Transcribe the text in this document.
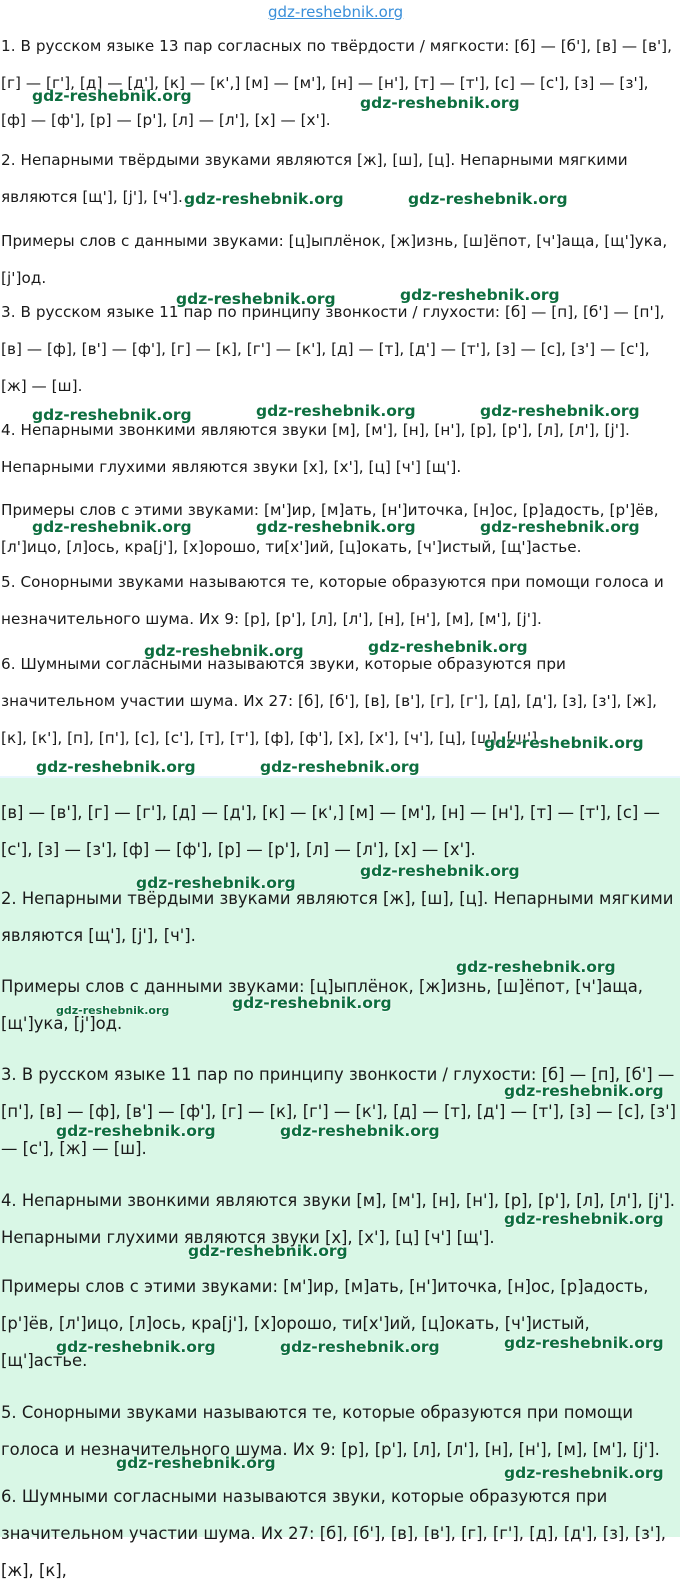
gdz-reshebnik.org

1. В русском языке 13 пар согласных по твёрдости / мягкости: [б] — [б'], [в] — [в'], [г] — [г'], [д] — [д'], [к] — [к',] [м] — [м'], [н] — [н'], [т] — [т'], [с] — [с'], [з] — [з'], [ф] — [ф'], [р] — [р'], [л] — [л'], [х] — [х'].

2. Непарными твёрдыми звуками являются [ж], [ш], [ц]. Непарными мягкими являются [щ'], [j'], [ч'].

Примеры слов с данными звуками: [ц]ыплёнок, [ж]изнь, [ш]ёпот, [ч']аща, [щ']ука, [j']од.

3. В русском языке 11 пар по принципу звонкости / глухости: [б] — [п], [б'] — [п'], [в] — [ф], [в'] — [ф'], [г] — [к], [г'] — [к'], [д] — [т], [д'] — [т'], [з] — [с], [з'] — [с'], [ж] — [ш].

4. Непарными звонкими являются звуки [м], [м'], [н], [н'], [р], [р'], [л], [л'], [j'].

Непарными глухими являются звуки [х], [х'], [ц] [ч'] [щ'].

Примеры слов с этими звуками: [м']ир, [м]ать, [н']иточка, [н]ос, [р]адость, [р']ёв, [л']ицо, [л]ось, кра[j'], [х]орошо, ти[х']ий, [ц]окать, [ч']истый, [щ']астье.

5. Сонорными звуками называются те, которые образуются при помощи голоса и незначительного шума. Их 9: [р], [р'], [л], [л'], [н], [н'], [м], [м'], [j'].

6. Шумными согласными называются звуки, которые образуются при значительном участии шума. Их 27: [б], [б'], [в], [в'], [г], [г'], [д], [д'], [з], [з'], [ж], [к], [к'], [п], [п'], [с], [с'], [т], [т'], [ф], [ф'], [х], [х'], [ч'], [ц], [ш], [щ'].

gdz-reshebnik.org	gdz-reshebnik.org
gdz-reshebnik.org	gdz-reshebnik.org
gdz-reshebnik.org	gdz-reshebnik.org
gdz-reshebnik.org	gdz-reshebnik.org	gdz-reshebnik.org
gdz-reshebnik.org	gdz-reshebnik.org	gdz-reshebnik.org
gdz-reshebnik.org	gdz-reshebnik.org
gdz-reshebnik.org
gdz-reshebnik.org	gdz-reshebnik.org

[в] — [в'], [г] — [г'], [д] — [д'], [к] — [к',] [м] — [м'], [н] — [н'], [т] — [т'], [с] — [с'], [з] — [з'], [ф] — [ф'], [р] — [р'], [л] — [л'], [х] — [х'].

2. Непарными твёрдыми звуками являются [ж], [ш], [ц]. Непарными мягкими являются [щ'], [j'], [ч'].

Примеры слов с данными звуками: [ц]ыплёнок, [ж]изнь, [ш]ёпот, [ч']аща, [щ']ука, [j']од.

3. В русском языке 11 пар по принципу звонкости / глухости: [б] — [п], [б'] — [п'], [в] — [ф], [в'] — [ф'], [г] — [к], [г'] — [к'], [д] — [т], [д'] — [т'], [з] — [с], [з'] — [с'], [ж] — [ш].

4. Непарными звонкими являются звуки [м], [м'], [н], [н'], [р], [р'], [л], [л'], [j']. Непарными глухими являются звуки [х], [х'], [ц] [ч'] [щ'].

Примеры слов с этими звуками: [м']ир, [м]ать, [н']иточка, [н]ос, [р]адость, [р']ёв, [л']ицо, [л]ось, кра[j'], [х]орошо, ти[х']ий, [ц]окать, [ч']истый, [щ']астье.

5. Сонорными звуками называются те, которые образуются при помощи голоса и незначительного шума. Их 9: [р], [р'], [л], [л'], [н], [н'], [м], [м'], [j'].

6. Шумными согласными называются звуки, которые образуются при значительном участии шума. Их 27: [б], [б'], [в], [в'], [г], [г'], [д], [д'], [з], [з'], [ж], [к],

gdz-reshebnik.org
gdz-reshebnik.org
gdz-reshebnik.org
gdz-reshebnik.org
gdz-reshebnik.org
gdz-reshebnik.org
gdz-reshebnik.org	gdz-reshebnik.org
gdz-reshebnik.org
gdz-reshebnik.org
gdz-reshebnik.org	gdz-reshebnik.org	gdz-reshebnik.org
gdz-reshebnik.org
gdz-reshebnik.org
